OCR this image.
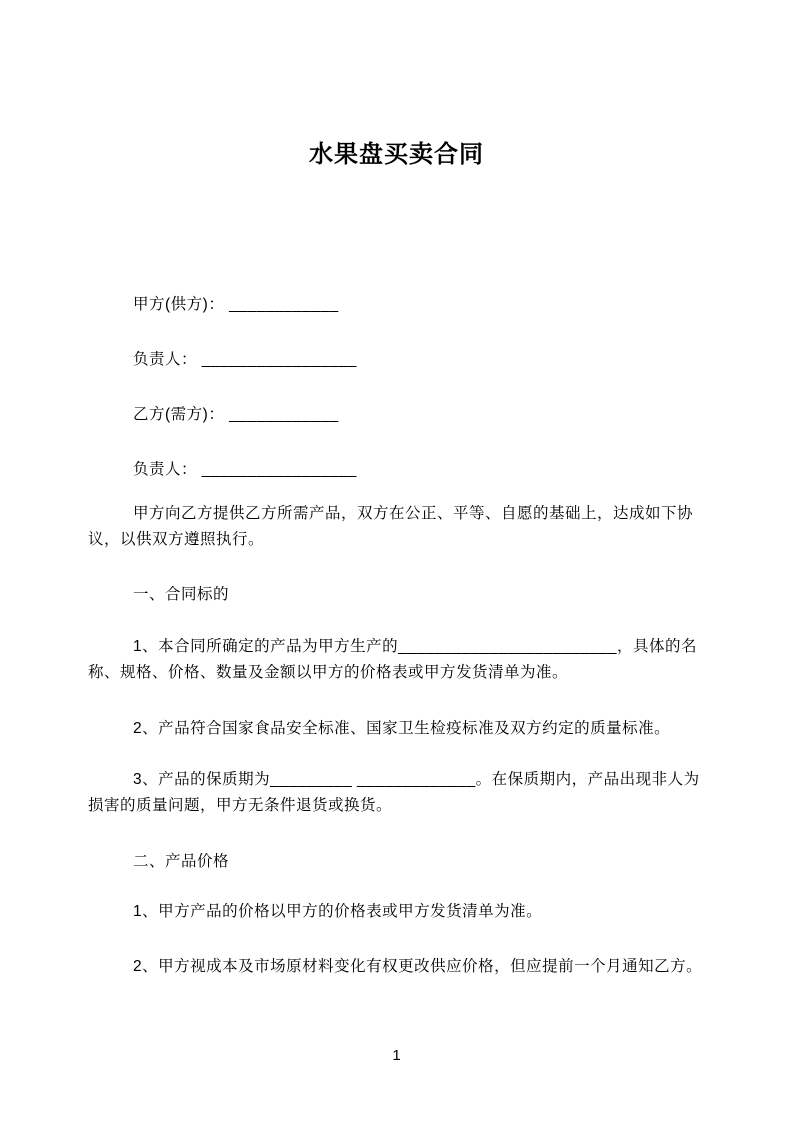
水果盘买卖合同
甲方(供方)： ____________
负责人： _________________
乙方(需方)： ____________
负责人： _________________
甲方向乙方提供乙方所需产品，双方在公正、平等、自愿的基础上，达成如下协议，以供双方遵照执行。
一、合同标的
1、本合同所确定的产品为甲方生产的________________________，具体的名称、规格、价格、数量及金额以甲方的价格表或甲方发货清单为准。
2、产品符合国家食品安全标准、国家卫生检疫标准及双方约定的质量标准。
3、产品的保质期为_________ _____________。在保质期内，产品出现非人为损害的质量问题，甲方无条件退货或换货。
二、产品价格
1、甲方产品的价格以甲方的价格表或甲方发货清单为准。
2、甲方视成本及市场原材料变化有权更改供应价格，但应提前一个月通知乙方。
1
